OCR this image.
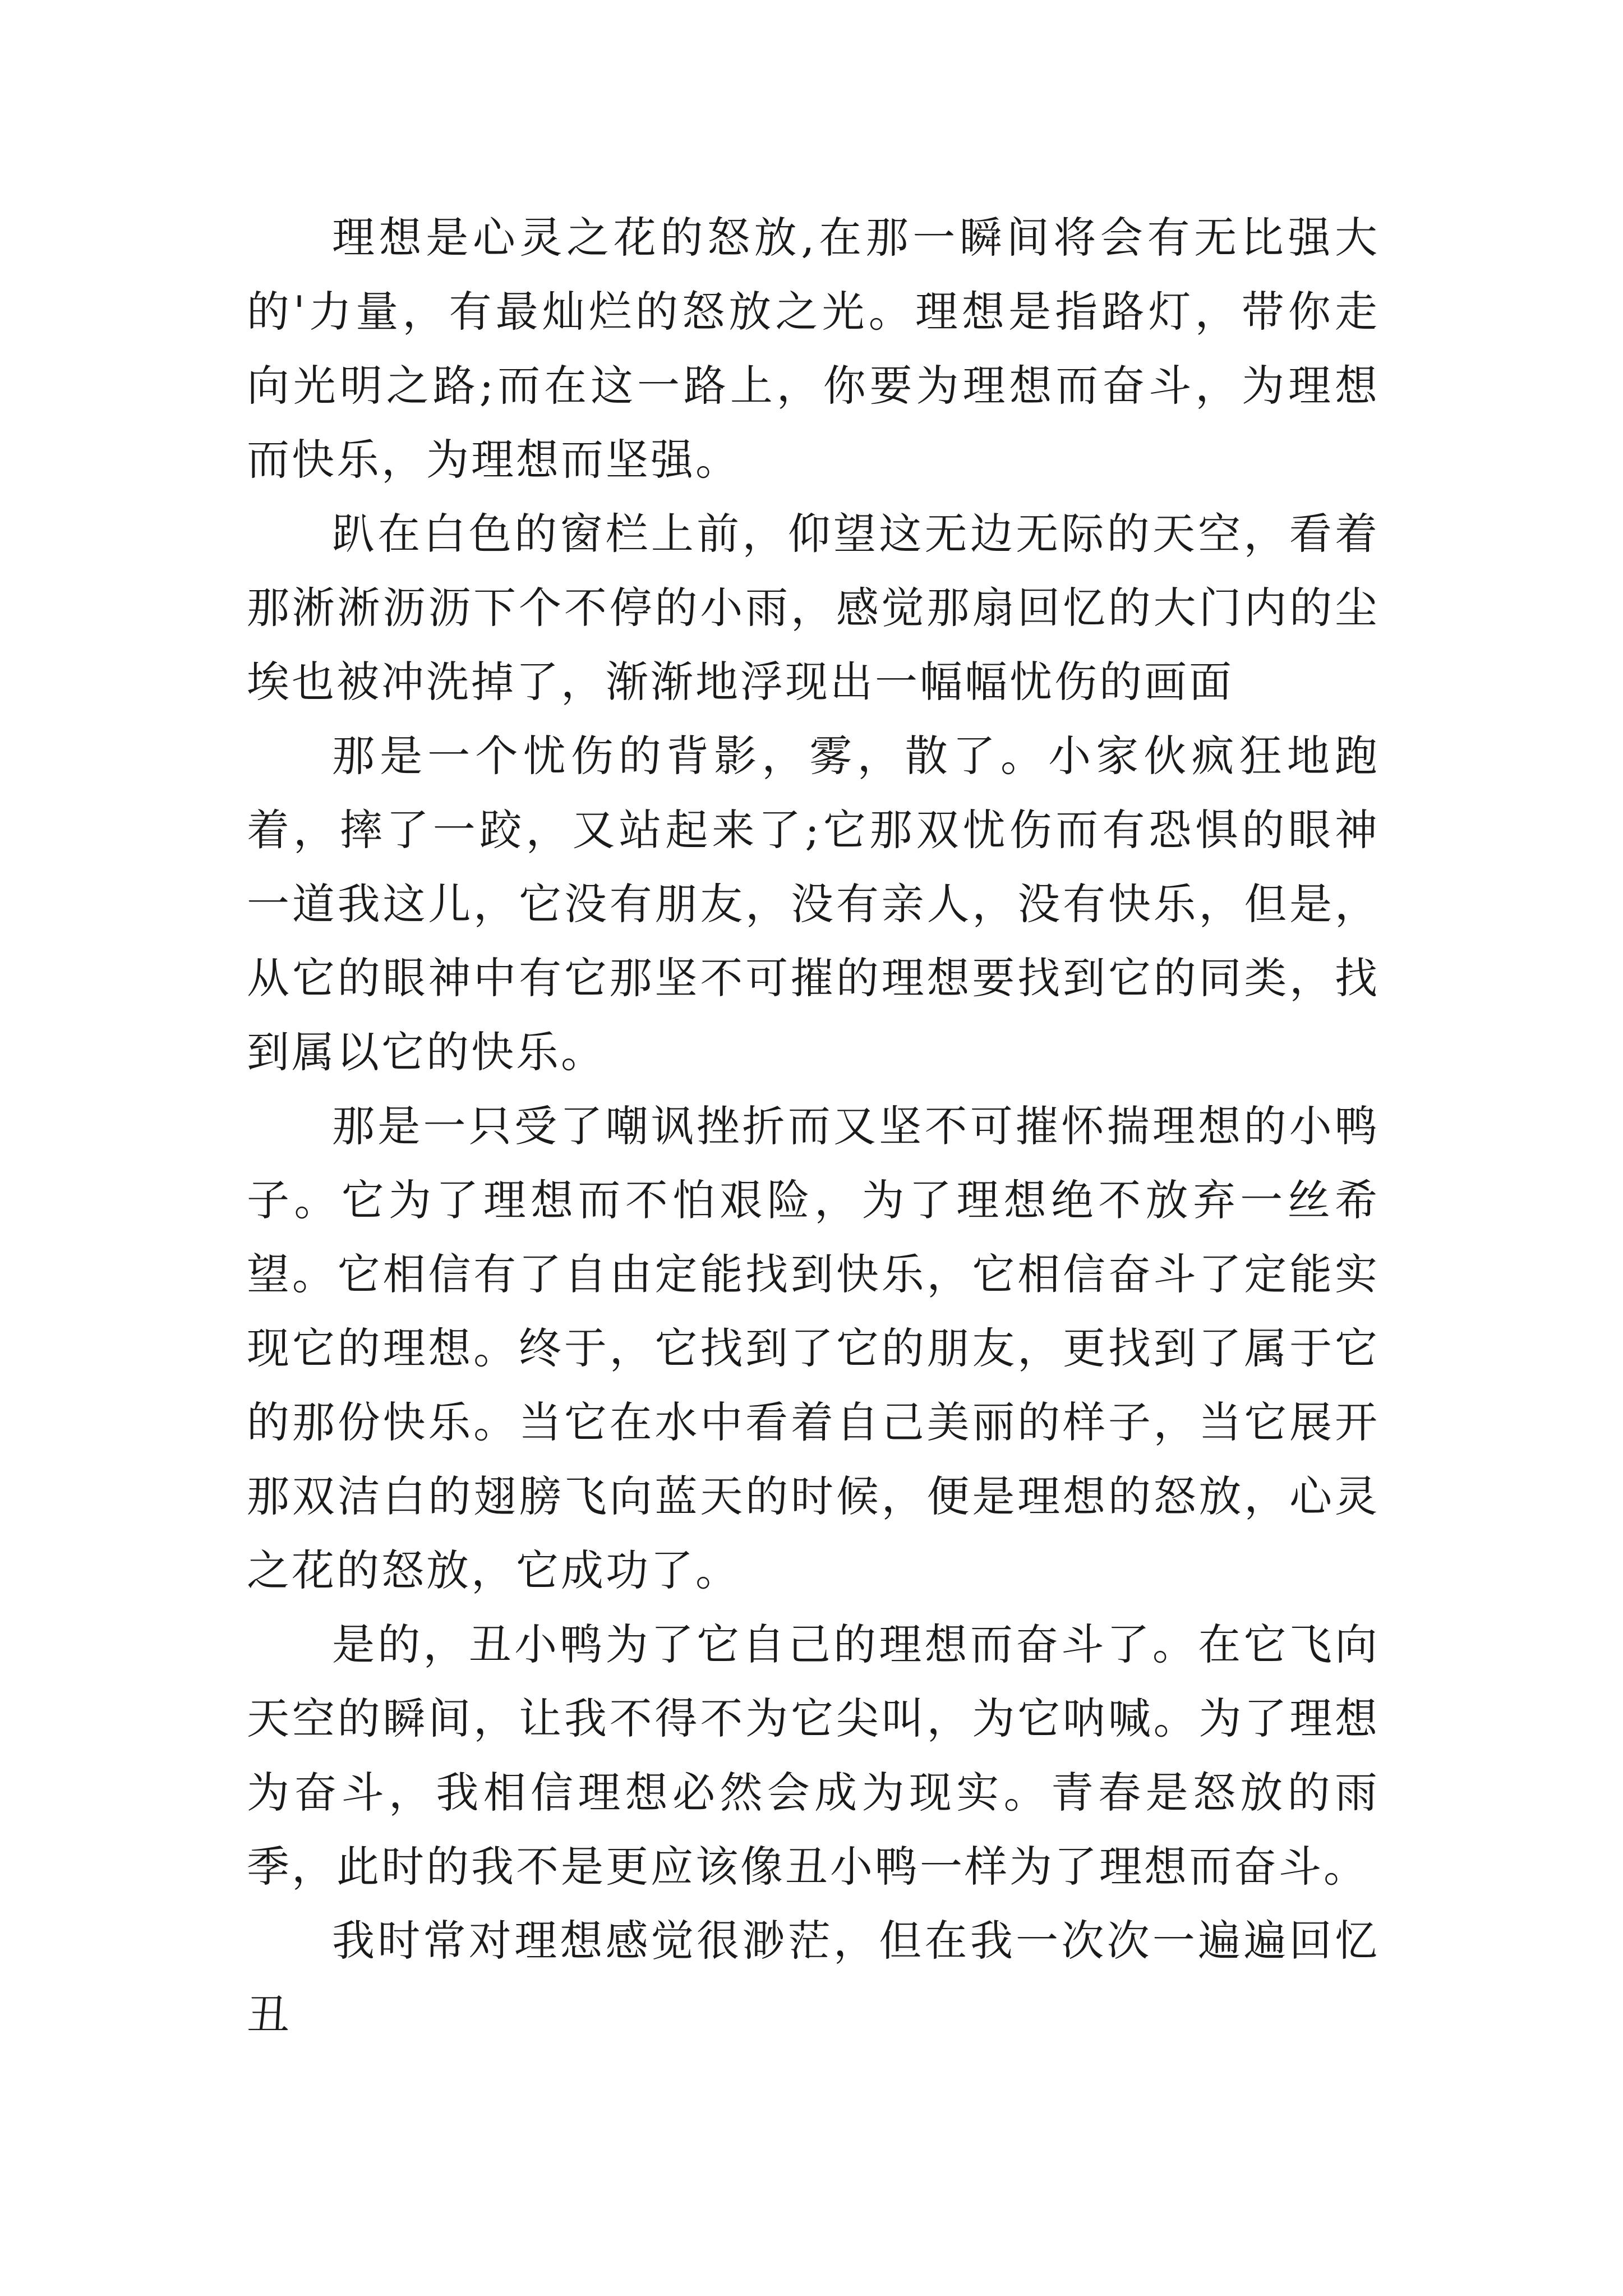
理想是心灵之花的怒放,在那一瞬间将会有无比强大的'力量，有最灿烂的怒放之光。理想是指路灯，带你走向光明之路;而在这一路上，你要为理想而奋斗，为理想而快乐，为理想而坚强。

趴在白色的窗栏上前，仰望这无边无际的天空，看着那淅淅沥沥下个不停的小雨，感觉那扇回忆的大门内的尘埃也被冲洗掉了，渐渐地浮现出一幅幅忧伤的画面

那是一个忧伤的背影，雾，散了。小家伙疯狂地跑着，摔了一跤，又站起来了;它那双忧伤而有恐惧的眼神一道我这儿，它没有朋友，没有亲人，没有快乐，但是，从它的眼神中有它那坚不可摧的理想要找到它的同类，找到属以它的快乐。

那是一只受了嘲讽挫折而又坚不可摧怀揣理想的小鸭子。它为了理想而不怕艰险，为了理想绝不放弃一丝希望。它相信有了自由定能找到快乐，它相信奋斗了定能实现它的理想。终于，它找到了它的朋友，更找到了属于它的那份快乐。当它在水中看着自己美丽的样子，当它展开那双洁白的翅膀飞向蓝天的时候，便是理想的怒放，心灵之花的怒放，它成功了。

是的，丑小鸭为了它自己的理想而奋斗了。在它飞向天空的瞬间，让我不得不为它尖叫，为它呐喊。为了理想为奋斗，我相信理想必然会成为现实。青春是怒放的雨季，此时的我不是更应该像丑小鸭一样为了理想而奋斗。

我时常对理想感觉很渺茫，但在我一次次一遍遍回忆丑
